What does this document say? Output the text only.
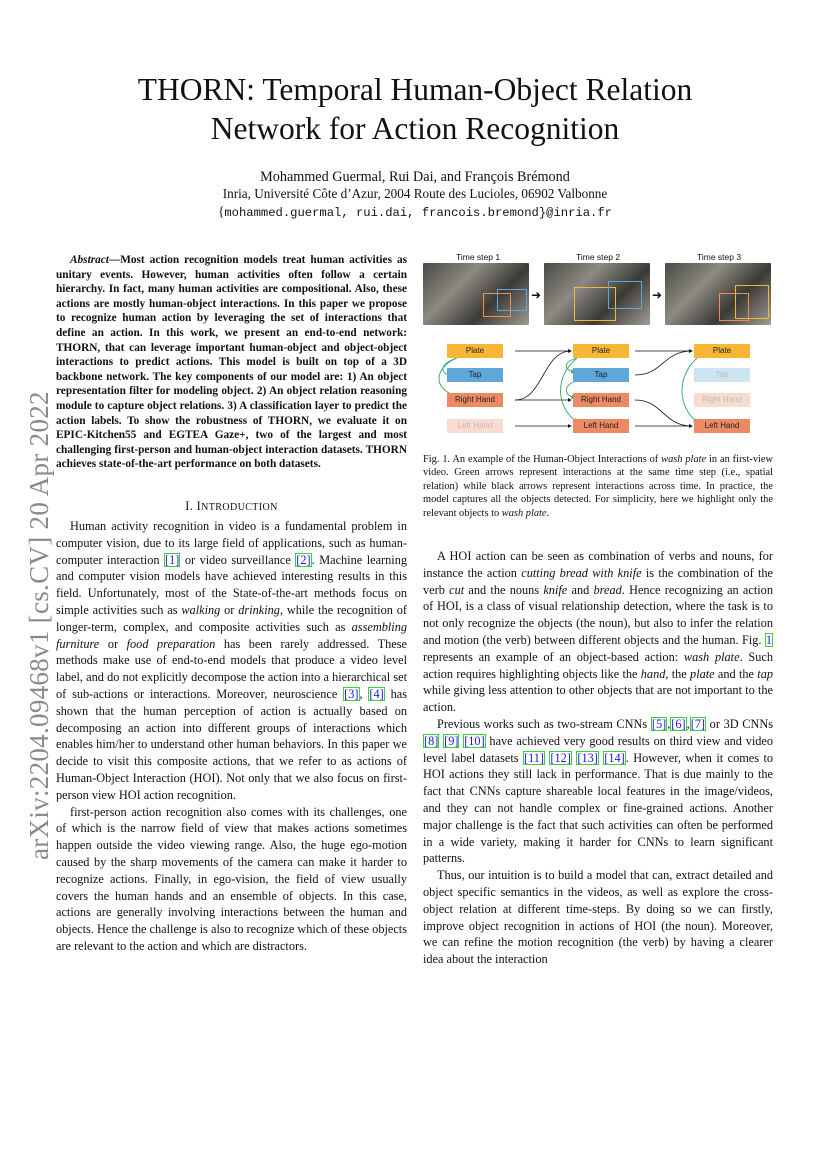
arXiv:2204.09468v1 [cs.CV] 20 Apr 2022
THORN: Temporal Human-Object Relation
Network for Action Recognition
Mohammed Guermal, Rui Dai, and François Brémond
Inria, Université Côte d’Azur, 2004 Route des Lucioles, 06902 Valbonne
{mohammed.guermal, rui.dai, francois.bremond}@inria.fr
Abstract—Most action recognition models treat human activities as unitary events. However, human activities often follow a certain hierarchy. In fact, many human activities are compositional. Also, these actions are mostly human-object interactions. In this paper we propose to recognize human action by leveraging the set of interactions that define an action. In this work, we present an end-to-end network: THORN, that can leverage important human-object and object-object interactions to predict actions. This model is built on top of a 3D backbone network. The key components of our model are: 1) An object representation filter for modeling object. 2) An object relation reasoning module to capture object relations. 3) A classification layer to predict the action labels. To show the robustness of THORN, we evaluate it on EPIC-Kitchen55 and EGTEA Gaze+, two of the largest and most challenging first-person and human-object interaction datasets. THORN achieves state-of-the-art performance on both datasets.
I. INTRODUCTION

Human activity recognition in video is a fundamental problem in computer vision, due to its large field of applications, such as human-computer interaction [1] or video surveillance [2]. Machine learning and computer vision models have achieved interesting results in this field. Unfortunately, most of the State-of-the-art methods focus on simple activities such as walking or drinking, while the recognition of longer-term, complex, and composite activities such as assembling furniture or food preparation has been rarely addressed. These methods make use of end-to-end models that produce a video level label, and do not explicitly decompose the action into a hierarchical set of sub-actions or interactions. Moreover, neuroscience [3], [4] has shown that the human perception of action is actually based on decomposing an action into different groups of interactions which enables him/her to understand other human behaviors. In this paper we decide to visit this composite actions, that we refer to as actions of Human-Object Interaction (HOI). Not only that we also focus on first-person view HOI action recognition.

first-person action recognition also comes with its challenges, one of which is the narrow field of view that makes actions sometimes happen outside the video viewing range. Also, the huge ego-motion caused by the sharp movements of the camera can make it harder to recognize actions. Finally, in ego-vision, the field of view usually covers the human hands and an ensemble of objects. In this case, actions are generally involving interactions between the human and objects. Hence the challenge is also to recognize which of these objects are relevant to the action and which are distractors.

Time step 1	Time step 2	Time step 3
➜	➜
Plate
Tap
Right Hand
Left Hand
Plate
Tap
Right Hand
Left Hand
Plate
Tap
Right Hand
Left Hand
Fig. 1. An example of the Human-Object Interactions of wash plate in an first-view video. Green arrows represent interactions at the same time step (i.e., spatial relation) while black arrows represent interactions across time. In practice, the model captures all the objects detected. For simplicity, here we highlight only the relevant objects to wash plate.

A HOI action can be seen as combination of verbs and nouns, for instance the action cutting bread with knife is the combination of the verb cut and the nouns knife and bread. Hence recognizing an action of HOI, is a class of visual relationship detection, where the task is to not only recognize the objects (the noun), but also to infer the relation and motion (the verb) between different objects and the human. Fig. 1 represents an example of an object-based action: wash plate. Such action requires highlighting objects like the hand, the plate and the tap while giving less attention to other objects that are not important to the action.

Previous works such as two-stream CNNs [5],[6],[7] or 3D CNNs [8] [9] [10] have achieved very good results on third view and video level label datasets [11] [12] [13] [14]. However, when it comes to HOI actions they still lack in performance. That is due mainly to the fact that CNNs capture shareable local features in the image/videos, and they can not handle complex or fine-grained actions. Another major challenge is the fact that such activities can often be performed in a wide variety, making it harder for CNNs to learn significant patterns.

Thus, our intuition is to build a model that can, extract detailed and object specific semantics in the videos, as well as explore the cross-object relation at different time-steps. By doing so we can firstly, improve object recognition in actions of HOI (the noun). Moreover, we can refine the motion recognition (the verb) by having a clearer idea about the interaction
